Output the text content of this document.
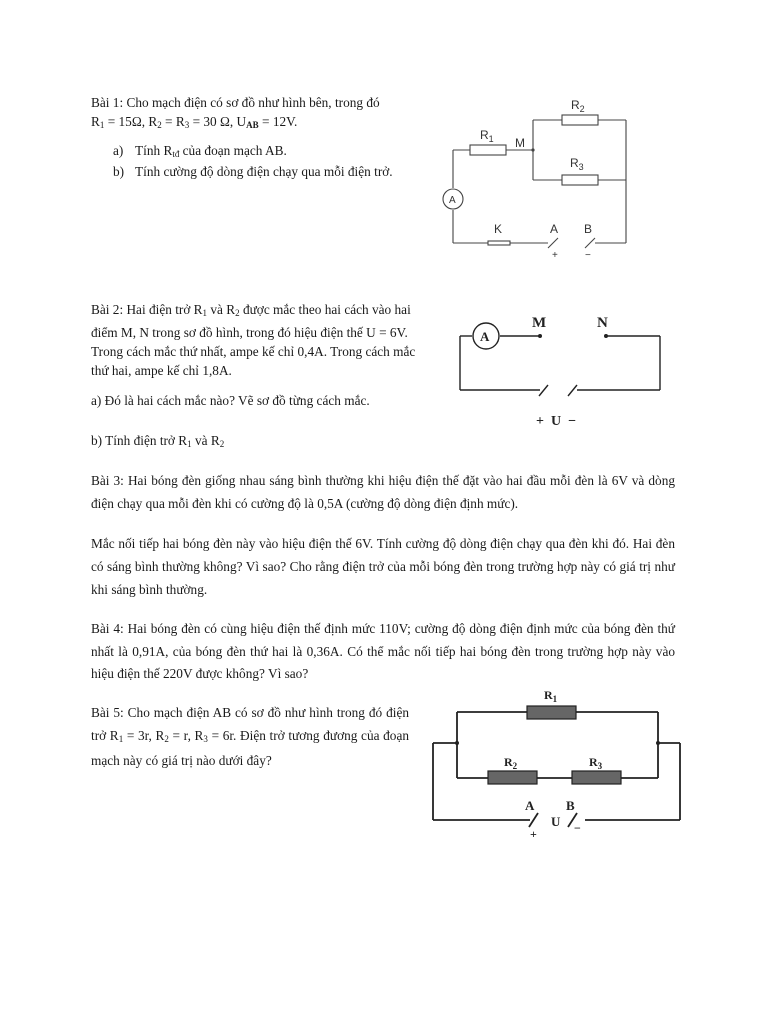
Bài 1: Cho mạch điện có sơ đồ như hình bên, trong đó
$R_1 = 15\Omega$, $R_2 = R_3 = 30$ Ω, $U_{AB} = 12V$.
a) Tính $R_{tđ}$ của đoạn mạch AB.
b) Tính cường độ dòng điện chạy qua mỗi điện trở.
$R_2$
$R_1$ M
$R_3$
A
K	A B
+	−
Bài 2: Hai điện trở $R_1$ và $R_2$ được mắc theo hai cách vào hai điểm M, N trong sơ đồ hình, trong đó hiệu điện thế U = 6V. Trong cách mắc thứ nhất, ampe kế chỉ 0,4A. Trong cách mắc thứ hai, ampe kế chỉ 1,8A.
a) Đó là hai cách mắc nào? Vẽ sơ đồ từng cách mắc.
b) Tính điện trở $R_1$ và $R_2$
A
M	N
+  U  −
Bài 3: Hai bóng đèn giống nhau sáng bình thường khi hiệu điện thế đặt vào hai đầu mỗi đèn là 6V và dòng điện chạy qua mỗi đèn khi có cường độ là 0,5A (cường độ dòng điện định mức).
Mắc nối tiếp hai bóng đèn này vào hiệu điện thế 6V. Tính cường độ dòng điện chạy qua đèn khi đó. Hai đèn có sáng bình thường không? Vì sao? Cho rằng điện trở của mỗi bóng đèn trong trường hợp này có giá trị như khi sáng bình thường.
Bài 4: Hai bóng đèn có cùng hiệu điện thế định mức 110V; cường độ dòng điện định mức của bóng đèn thứ nhất là 0,91A, của bóng đèn thứ hai là 0,36A. Có thể mắc nối tiếp hai bóng đèn trong trường hợp này vào hiệu điện thế 220V được không? Vì sao?
Bài 5: Cho mạch điện AB có sơ đồ như hình trong đó điện trở $R_1 = 3r$, $R_2 = r$, $R_3 = 6r$. Điện trở tương đương của đoạn mạch này có giá trị nào dưới đây?
$R_1$
$R_2$	$R_3$
A
U
B
+	−
